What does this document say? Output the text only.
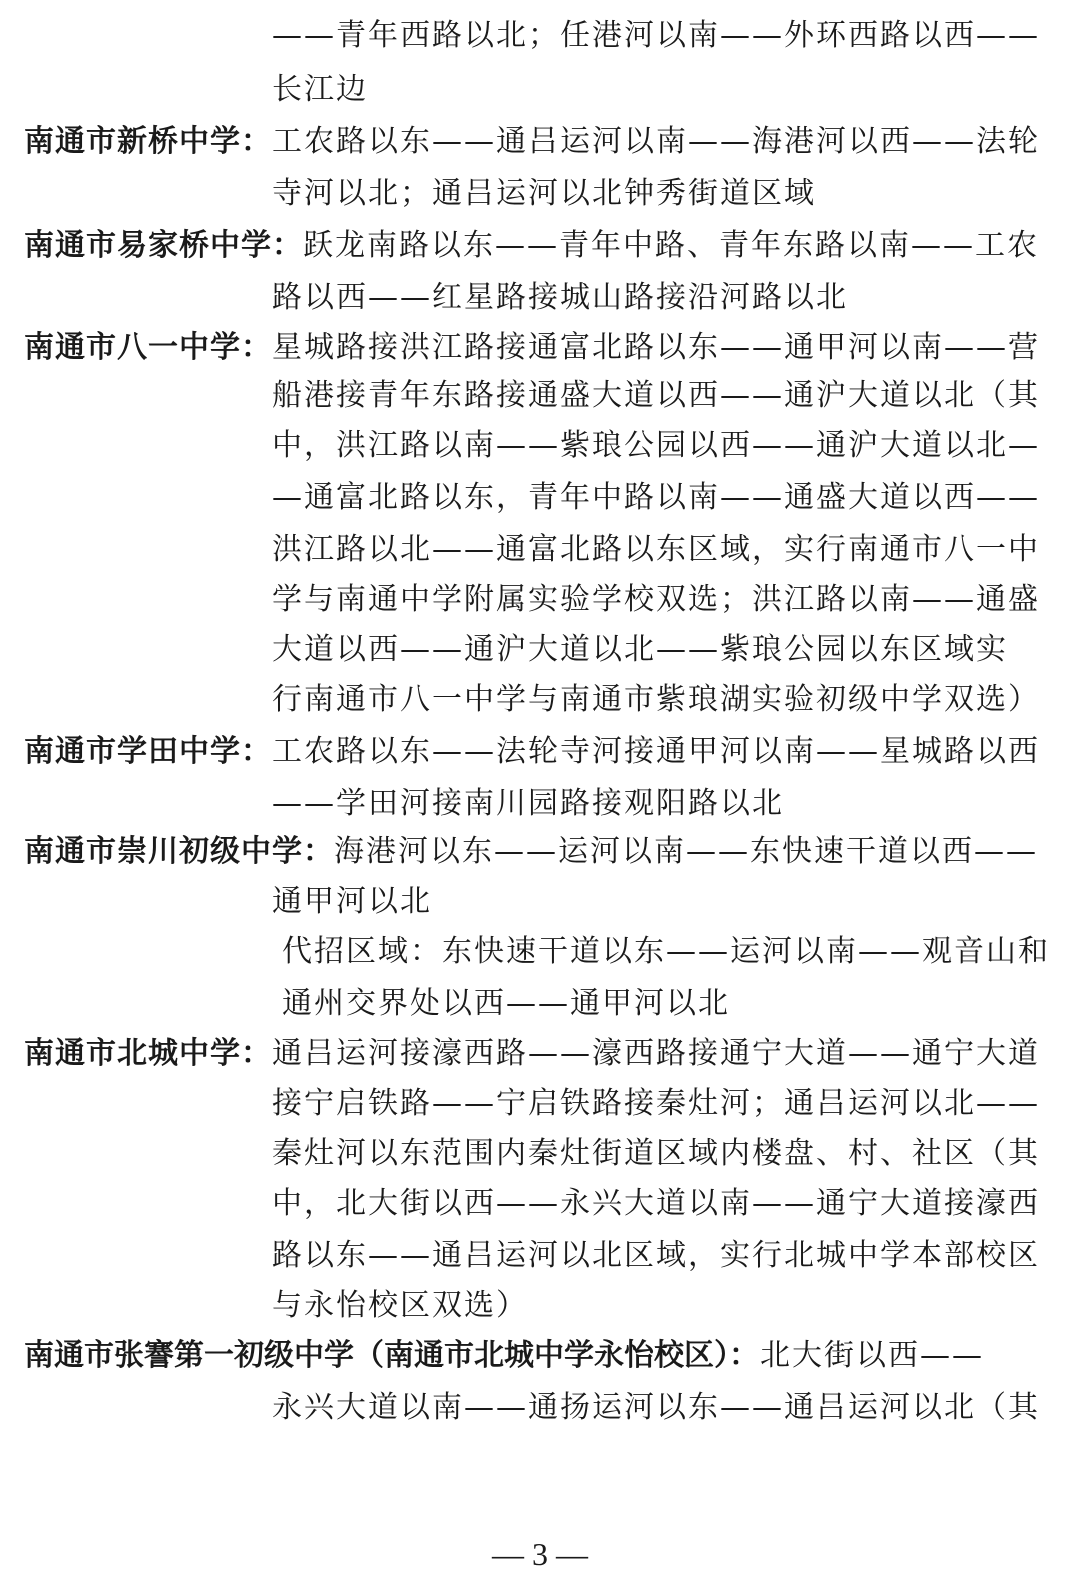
——青年西路以北；任港河以南——外环西路以西——
长江边
南通市新桥中学：工农路以东——通吕运河以南——海港河以西——法轮
寺河以北；通吕运河以北钟秀街道区域
南通市易家桥中学：跃龙南路以东——青年中路、青年东路以南——工农
路以西——红星路接城山路接沿河路以北
南通市八一中学：星城路接洪江路接通富北路以东——通甲河以南——营
船港接青年东路接通盛大道以西——通沪大道以北（其
中，洪江路以南——紫琅公园以西——通沪大道以北—
—通富北路以东，青年中路以南——通盛大道以西——
洪江路以北——通富北路以东区域，实行南通市八一中
学与南通中学附属实验学校双选；洪江路以南——通盛
大道以西——通沪大道以北——紫琅公园以东区域实
行南通市八一中学与南通市紫琅湖实验初级中学双选）
南通市学田中学：工农路以东——法轮寺河接通甲河以南——星城路以西
——学田河接南川园路接观阳路以北
南通市崇川初级中学：海港河以东——运河以南——东快速干道以西——
通甲河以北
代招区域：东快速干道以东——运河以南——观音山和
通州交界处以西——通甲河以北
南通市北城中学：通吕运河接濠西路——濠西路接通宁大道——通宁大道
接宁启铁路——宁启铁路接秦灶河；通吕运河以北——
秦灶河以东范围内秦灶街道区域内楼盘、村、社区（其
中，北大街以西——永兴大道以南——通宁大道接濠西
路以东——通吕运河以北区域，实行北城中学本部校区
与永怡校区双选）
南通市张謇第一初级中学（南通市北城中学永怡校区）：北大街以西——
永兴大道以南——通扬运河以东——通吕运河以北（其
— 3 —
